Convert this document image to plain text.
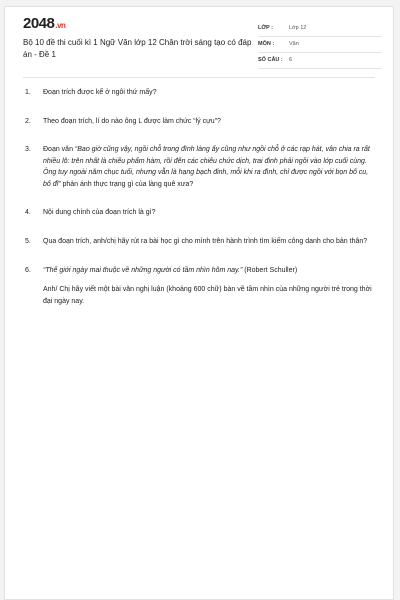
2048.vn
Bộ 10 đề thi cuối kì 1 Ngữ Văn lớp 12 Chân trời sáng tạo có đáp án - Đề 1
LỚP :	Lớp 12
MÔN :	Văn
SỐ CÂU : 6
1.	Đoạn trích được kể ở ngôi thứ mấy?
2.	Theo đoạn trích, lí do nào ông L được làm chức “lý cựu”?
3.	Đoạn văn “Bao giờ cũng vậy, ngồi chỗ trong đình làng ấy cũng như ngồi chỗ ở các rạp hát, vân chia ra rất nhiều lô: trên nhất là chiếu phẩm hàm, rồi đến các chiếu chức dịch, trai đinh phải ngồi vào lớp cuối cùng. Ông tuy ngoài năm chục tuổi, nhưng vẫn là hạng bạch đinh, mỗi khi ra đình, chỉ được ngồi với bọn bố cu, bố đĩ” phản ánh thực trạng gì của làng quê xưa?
4.	Nội dung chính của đoạn trích là gì?
5.	Qua đoạn trích, anh/chị hãy rút ra bài học gì cho mình trên hành trình tìm kiếm công danh cho bản thân?
6.	“Thế giới ngày mai thuộc về những người có tầm nhìn hôm nay.” (Robert Schuller)
Anh/ Chị hãy viết một bài văn nghị luận (khoảng 600 chữ) bàn về tầm nhìn của những người trẻ trong thời đại ngày nay.
